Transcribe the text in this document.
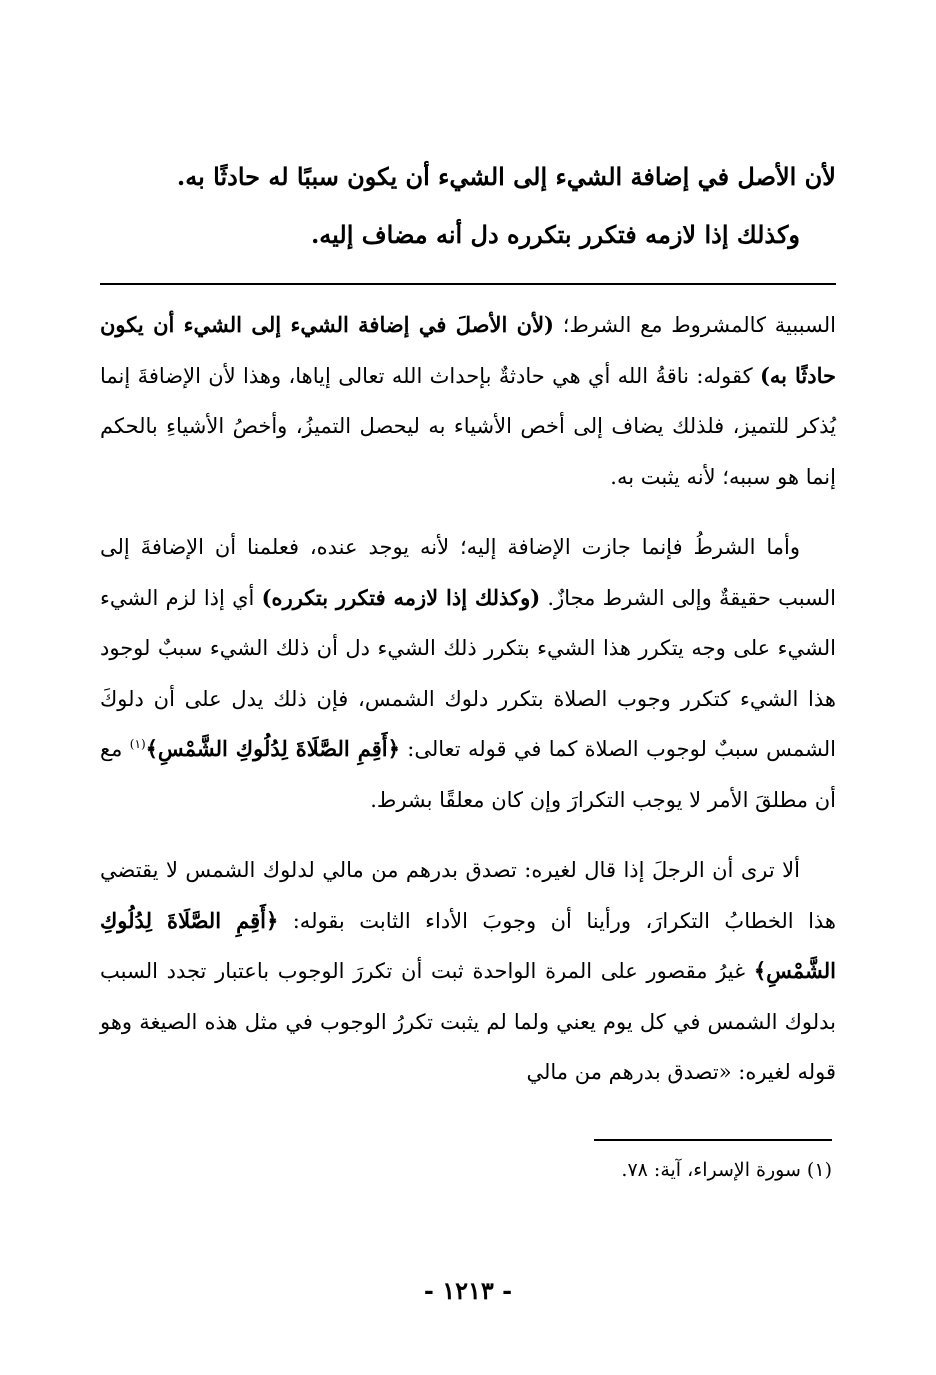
لأن الأصل في إضافة الشيء إلى الشيء أن يكون سببًا له حادثًا به.

وكذلك إذا لازمه فتكرر بتكرره دل أنه مضاف إليه.

السببية كالمشروط مع الشرط؛ (لأن الأصلَ في إضافة الشيء إلى الشيء أن يكون حادثًا به) كقوله: ناقةُ الله أي هي حادثةٌ بإحداث الله تعالى إياها، وهذا لأن الإضافةَ إنما يُذكر للتميز، فلذلك يضاف إلى أخص الأشياء به ليحصل التميزُ، وأخصُ الأشياءِ بالحكم إنما هو سببه؛ لأنه يثبت به.

وأما الشرطُ فإنما جازت الإضافة إليه؛ لأنه يوجد عنده، فعلمنا أن الإضافةَ إلى السبب حقيقةٌ وإلى الشرط مجازٌ. (وكذلك إذا لازمه فتكرر بتكرره) أي إذا لزم الشيء الشيء على وجه يتكرر هذا الشيء بتكرر ذلك الشيء دل أن ذلك الشيء سببٌ لوجود هذا الشيء كتكرر وجوب الصلاة بتكرر دلوك الشمس، فإن ذلك يدل على أن دلوكَ الشمس سببٌ لوجوب الصلاة كما في قوله تعالى: ﴿أَقِمِ الصَّلَاةَ لِدُلُوكِ الشَّمْسِ﴾$^{(١)}$ مع أن مطلقَ الأمر لا يوجب التكرارَ وإن كان معلقًا بشرط.

ألا ترى أن الرجلَ إذا قال لغيره: تصدق بدرهم من مالي لدلوك الشمس لا يقتضي هذا الخطابُ التكرارَ، ورأينا أن وجوبَ الأداء الثابت بقوله: ﴿أَقِمِ الصَّلَاةَ لِدُلُوكِ الشَّمْسِ﴾ غيرُ مقصور على المرة الواحدة ثبت أن تكررَ الوجوب باعتبار تجدد السبب بدلوك الشمس في كل يوم يعني ولما لم يثبت تكررُ الوجوب في مثل هذه الصيغة وهو قوله لغيره: «تصدق بدرهم من مالي

(١) سورة الإسراء، آية: ٧٨.
- ١٢١٣ -
